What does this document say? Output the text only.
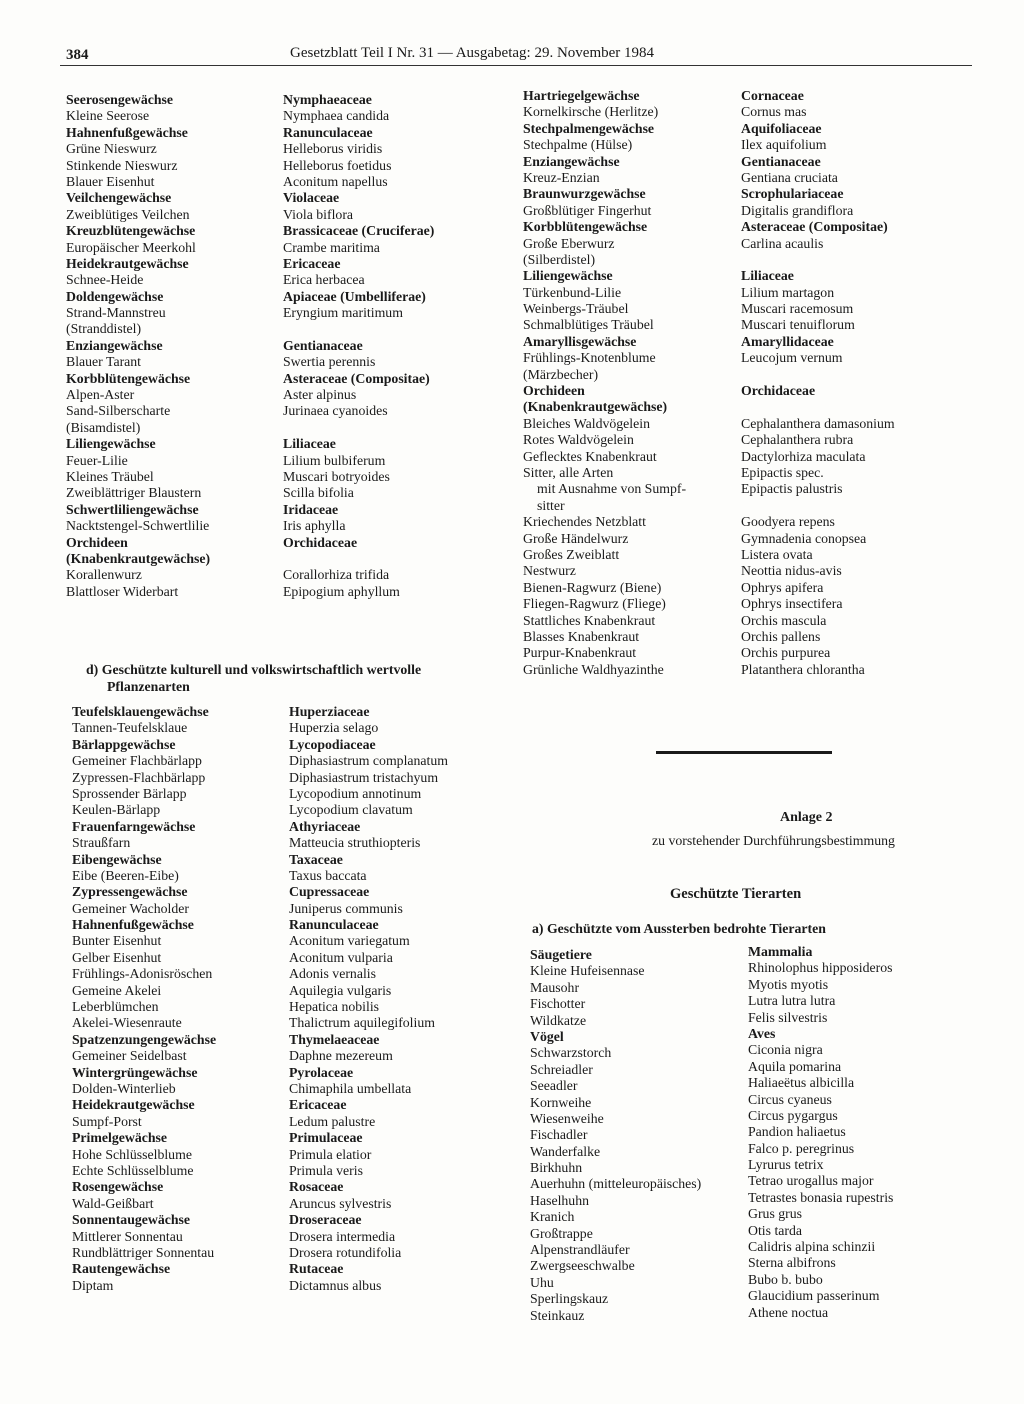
384	Gesetzblatt Teil I Nr. 31 — Ausgabetag: 29. November 1984
Seerosengewächse
Kleine Seerose
Hahnenfußgewächse
Grüne Nieswurz
Stinkende Nieswurz
Blauer Eisenhut
Veilchengewächse
Zweiblütiges Veilchen
Kreuzblütengewächse
Europäischer Meerkohl
Heidekrautgewächse
Schnee-Heide
Doldengewächse
Strand-Mannstreu
(Stranddistel)
Enziangewächse
Blauer Tarant
Korbblütengewächse
Alpen-Aster
Sand-Silberscharte
(Bisamdistel)
Liliengewächse
Feuer-Lilie
Kleines Träubel
Zweiblättriger Blaustern
Schwertliliengewächse
Nacktstengel-Schwertlilie
Orchideen
(Knabenkrautgewächse)
Korallenwurz
Blattloser Widerbart
Nymphaeaceae
Nymphaea candida
Ranunculaceae
Helleborus viridis
Helleborus foetidus
Aconitum napellus
Violaceae
Viola biflora
Brassicaceae (Cruciferae)
Crambe maritima
Ericaceae
Erica herbacea
Apiaceae (Umbelliferae)
Eryngium maritimum
Gentianaceae
Swertia perennis
Asteraceae (Compositae)
Aster alpinus
Jurinaea cyanoides
Liliaceae
Lilium bulbiferum
Muscari botryoides
Scilla bifolia
Iridaceae
Iris aphylla
Orchidaceae
Corallorhiza trifida
Epipogium aphyllum
Hartriegelgewächse
Kornelkirsche (Herlitze)
Stechpalmengewächse
Stechpalme (Hülse)
Enziangewächse
Kreuz-Enzian
Braunwurzgewächse
Großblütiger Fingerhut
Korbblütengewächse
Große Eberwurz
(Silberdistel)
Liliengewächse
Türkenbund-Lilie
Weinbergs-Träubel
Schmalblütiges Träubel
Amaryllisgewächse
Frühlings-Knotenblume
(Märzbecher)
Orchideen
(Knabenkrautgewächse)
Bleiches Waldvögelein
Rotes Waldvögelein
Geflecktes Knabenkraut
Sitter, alle Arten
mit Ausnahme von Sumpf-
sitter
Kriechendes Netzblatt
Große Händelwurz
Großes Zweiblatt
Nestwurz
Bienen-Ragwurz (Biene)
Fliegen-Ragwurz (Fliege)
Stattliches Knabenkraut
Blasses Knabenkraut
Purpur-Knabenkraut
Grünliche Waldhyazinthe
Cornaceae
Cornus mas
Aquifoliaceae
Ilex aquifolium
Gentianaceae
Gentiana cruciata
Scrophulariaceae
Digitalis grandiflora
Asteraceae (Compositae)
Carlina acaulis
Liliaceae
Lilium martagon
Muscari racemosum
Muscari tenuiflorum
Amaryllidaceae
Leucojum vernum
Orchidaceae
Cephalanthera damasonium
Cephalanthera rubra
Dactylorhiza maculata
Epipactis spec.
Epipactis palustris
Goodyera repens
Gymnadenia conopsea
Listera ovata
Neottia nidus-avis
Ophrys apifera
Ophrys insectifera
Orchis mascula
Orchis pallens
Orchis purpurea
Platanthera chlorantha
d) Geschützte kulturell und volkswirtschaftlich wertvolle
Pflanzenarten
Teufelsklauengewächse
Tannen-Teufelsklaue
Bärlappgewächse
Gemeiner Flachbärlapp
Zypressen-Flachbärlapp
Sprossender Bärlapp
Keulen-Bärlapp
Frauenfarngewächse
Straußfarn
Eibengewächse
Eibe (Beeren-Eibe)
Zypressengewächse
Gemeiner Wacholder
Hahnenfußgewächse
Bunter Eisenhut
Gelber Eisenhut
Frühlings-Adonisröschen
Gemeine Akelei
Leberblümchen
Akelei-Wiesenraute
Spatzenzungengewächse
Gemeiner Seidelbast
Wintergrüngewächse
Dolden-Winterlieb
Heidekrautgewächse
Sumpf-Porst
Primelgewächse
Hohe Schlüsselblume
Echte Schlüsselblume
Rosengewächse
Wald-Geißbart
Sonnentaugewächse
Mittlerer Sonnentau
Rundblättriger Sonnentau
Rautengewächse
Diptam
Huperziaceae
Huperzia selago
Lycopodiaceae
Diphasiastrum complanatum
Diphasiastrum tristachyum
Lycopodium annotinum
Lycopodium clavatum
Athyriaceae
Matteucia struthiopteris
Taxaceae
Taxus baccata
Cupressaceae
Juniperus communis
Ranunculaceae
Aconitum variegatum
Aconitum vulparia
Adonis vernalis
Aquilegia vulgaris
Hepatica nobilis
Thalictrum aquilegifolium
Thymelaeaceae
Daphne mezereum
Pyrolaceae
Chimaphila umbellata
Ericaceae
Ledum palustre
Primulaceae
Primula elatior
Primula veris
Rosaceae
Aruncus sylvestris
Droseraceae
Drosera intermedia
Drosera rotundifolia
Rutaceae
Dictamnus albus
Anlage 2
zu vorstehender Durchführungsbestimmung
Geschützte Tierarten
a) Geschützte vom Aussterben bedrohte Tierarten
Säugetiere
Kleine Hufeisennase
Mausohr
Fischotter
Wildkatze
Vögel
Schwarzstorch
Schreiadler
Seeadler
Kornweihe
Wiesenweihe
Fischadler
Wanderfalke
Birkhuhn
Auerhuhn (mitteleuropäisches)
Haselhuhn
Kranich
Großtrappe
Alpenstrandläufer
Zwergseeschwalbe
Uhu
Sperlingskauz
Steinkauz
Mammalia
Rhinolophus hipposideros
Myotis myotis
Lutra lutra lutra
Felis silvestris
Aves
Ciconia nigra
Aquila pomarina
Haliaeëtus albicilla
Circus cyaneus
Circus pygargus
Pandion haliaetus
Falco p. peregrinus
Lyrurus tetrix
Tetrao urogallus major
Tetrastes bonasia rupestris
Grus grus
Otis tarda
Calidris alpina schinzii
Sterna albifrons
Bubo b. bubo
Glaucidium passerinum
Athene noctua
